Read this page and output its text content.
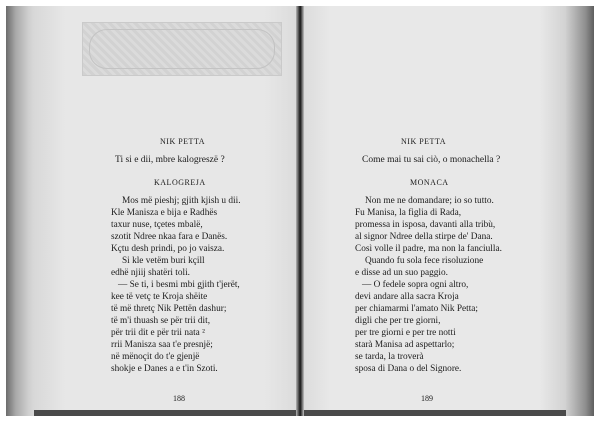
NIK PETTA
Ti si e dii, mbre kalogreszë ?
KALOGREJA
Mos më pieshj; gjith kjish u dii.
Kle Manisza e bija e Radhës
taxur nuse, tçetes mbalë,
szotit Ndree nkaa fara e Danës.
Kçtu desh prindi, po jo vaisza.
Si kle vetëm buri kçill
edhë njiij shatëri toli.
— Se ti, i besmi mbi gjith t'jerët,
kee të vetç te Kroja shëite
të më thretç Nik Pettën dashur;
të m'i thuash se për trii dit,
për trii dit e për trii nata ²
rrii Manisza saa t'e presnjë;
në mënoçit do t'e gjenjë
shokje e Danes a e t'in Szoti.
188
NIK PETTA
Come mai tu sai ciò, o monachella ?
MONACA
Non me ne domandare; io so tutto.
Fu Manisa, la figlia di Rada,
promessa in isposa, davanti alla tribù,
al signor Ndree della stirpe de' Dana.
Così volle il padre, ma non la fanciulla.
Quando fu sola fece risoluzione
e disse ad un suo paggio.
— O fedele sopra ogni altro,
devi andare alla sacra Kroja
per chiamarmi l'amato Nik Petta;
digli che per tre giorni,
per tre giorni e per tre notti
starà Manisa ad aspettarlo;
se tarda, la troverà
sposa di Dana o del Signore.
189
